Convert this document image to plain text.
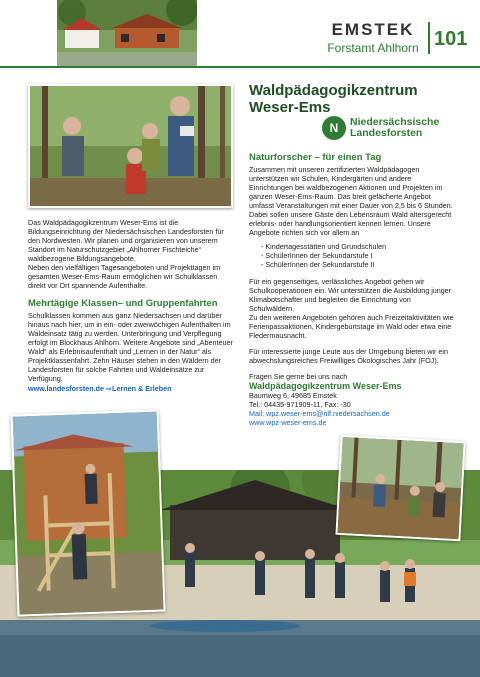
EMSTEK
Forstamt Ahlhorn 101

Das Waldpädagogikzentrum Weser-Ems ist die Bildungseinrichtung der Niedersächsischen Landesforsten für den Nordwesten. Wir planen und organisieren von unserem Standort im Naturschutzgebiet „Ahlhorner Fischteiche“ waldbezogene Bildungsangebote.

Neben den vielfältigen Tagesangeboten und Projekttagen im gesamten Weser-Ems-Raum ermöglichen wir Schulklassen direkt vor Ort spannende Aufenthalte.

Mehrtägige Klassen– und Gruppenfahrten

Schulklassen kommen aus ganz Niedersachsen und darüber hinaus nach hier, um in ein- oder zweiwöchigen Aufenthalten im Waldeinsatz tätig zu werden. Unterbringung und Verpflegung erfolgt im Blockhaus Ahlhorn. Weitere Angebote sind „Abenteuer Wald“ als Erlebnisaufenthalt und „Lernen in der Natur“ als Projektklassenfahrt. Zehn Häuser stehen in den Wäldern der Landesforsten für solche Fahrten und Waldeinsätze zur Verfügung.

www.landesforsten.de ⇨Lernen & Erleben

Waldpädagogikzentrum
Weser-Ems
N	Niedersächsische
Landesforsten
Naturforscher – für einen Tag

Zusammen mit unseren zertifizierten Waldpädagogen unterstützen wir Schulen, Kindergärten und andere Einrichtungen bei waldbezogenen Aktionen und Projekten im ganzen Weser-Ems-Raum. Das breit gefächerte Angebot umfasst Veranstaltungen mit einer Dauer von 2,5 bis 6 Stunden. Dabei sollen unsere Gäste den Lebensraum Wald altersgerecht erlebnis- oder handlungsorientiert kennen lernen. Unsere Angebote richten sich vor allem an

- Kindertagesstätten und Grundschulen
- SchülerInnen der Sekundarstufe I
- SchülerInnen der Sekundarstufe II

Für ein gegenseitiges, verlässliches Angebot gehen wir Schulkooperationen ein. Wir unterstützen die Ausbildung junger Klimabotschafter und begleiten die Einrichtung von Schulwäldern.

Zu den weiteren Angeboten gehören auch Freizeitaktivitäten wie Ferienpassaktionen, Kindergeburtstage im Wald oder etwa eine Fledermausnacht.

Für interessierte junge Leute aus der Umgebung bieten wir ein abwechslungsreiches Freiwilliges Ökologisches Jahr (FÖJ).

Fragen Sie gerne bei uns nach

Waldpädagogikzentrum Weser-Ems

Baumweg 6, 49685 Emstek

Tel.: 04435-971909-11, Fax: -30

Mail: wpz.weser-ems@nlf.niedersachsen.de

www.wpz-weser-ems.de
